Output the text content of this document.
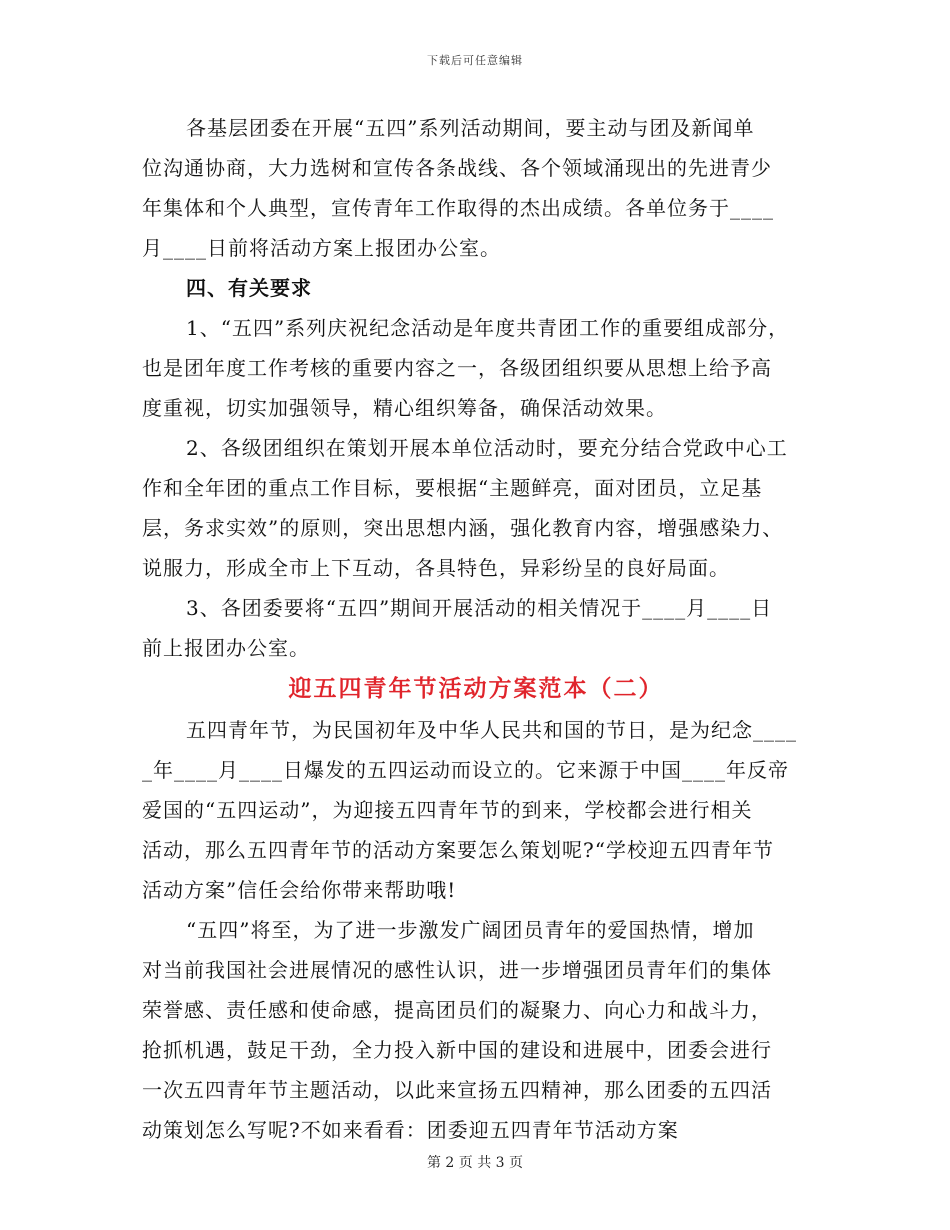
下载后可任意编辑
各基层团委在开展“五四”系列活动期间，要主动与团及新闻单
位沟通协商，大力选树和宣传各条战线、各个领域涌现出的先进青少
年集体和个人典型，宣传青年工作取得的杰出成绩。各单位务于____
月____日前将活动方案上报团办公室。
四、有关要求
1、“五四”系列庆祝纪念活动是年度共青团工作的重要组成部分，
也是团年度工作考核的重要内容之一，各级团组织要从思想上给予高
度重视，切实加强领导，精心组织筹备，确保活动效果。
2、各级团组织在策划开展本单位活动时，要充分结合党政中心工
作和全年团的重点工作目标，要根据“主题鲜亮，面对团员，立足基
层，务求实效”的原则，突出思想内涵，强化教育内容，增强感染力、
说服力，形成全市上下互动，各具特色，异彩纷呈的良好局面。
3、各团委要将“五四”期间开展活动的相关情况于____月____日
前上报团办公室。
迎五四青年节活动方案范本（二）
五四青年节，为民国初年及中华人民共和国的节日，是为纪念____
_年____月____日爆发的五四运动而设立的。它来源于中国____年反帝
爱国的“五四运动”，为迎接五四青年节的到来，学校都会进行相关
活动，那么五四青年节的活动方案要怎么策划呢?“学校迎五四青年节
活动方案”信任会给你带来帮助哦!
“五四”将至，为了进一步激发广阔团员青年的爱国热情，增加
对当前我国社会进展情况的感性认识，进一步增强团员青年们的集体
荣誉感、责任感和使命感，提高团员们的凝聚力、向心力和战斗力，
抢抓机遇，鼓足干劲，全力投入新中国的建设和进展中，团委会进行
一次五四青年节主题活动，以此来宣扬五四精神，那么团委的五四活
动策划怎么写呢?不如来看看：团委迎五四青年节活动方案
第 2 页 共 3 页
